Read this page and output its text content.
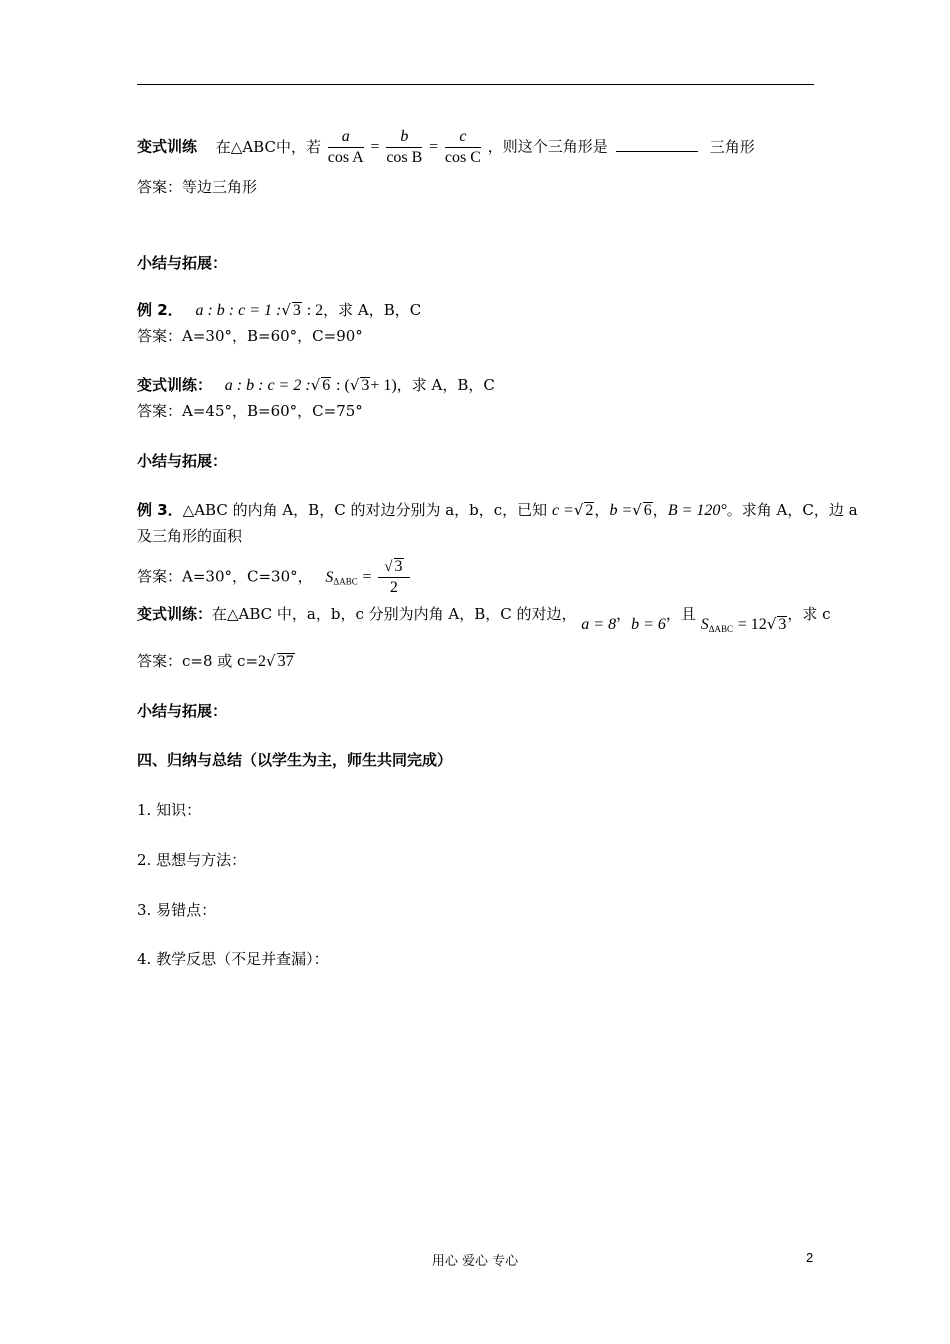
变式训练 在△ABC中，若 $\frac{a}{\text{cos A}} = \frac{b}{\text{cos B}} = \frac{c}{\text{cos C}}$ ，则这个三角形是	三角形
答案：等边三角形
小结与拓展：
例 2． a : b : c = 1 :√ 3 : 2，求 A，B，C
答案：A=30°，B=60°，C=90°
变式训练： a : b : c = 2 :√ 6 : (√ 3+ 1)，求 A，B，C
答案：A=45°，B=60°，C=75°
小结与拓展：
例 3．△ABC 的内角 A，B，C 的对边分别为 a，b，c，已知 c =√ 2，b =√ 6，B = 120°。求角 A，C，边 a
及三角形的面积
答案：A=30°，C=30°， $S_{\Delta ABC} = \frac{√ 3}{2}$
变式训练：在△ABC 中，a，b，c 分别为内角 A，B，C 的对边， a = 8，b = 6，且 $S_{\Delta ABC} = 12√$ 3，求 c
答案：c=8 或 c=2√ 37
小结与拓展：
四、归纳与总结（以学生为主，师生共同完成）
1. 知识：
2. 思想与方法：
3. 易错点：
4. 教学反思（不足并查漏）：
用心 爱心 专心	2
